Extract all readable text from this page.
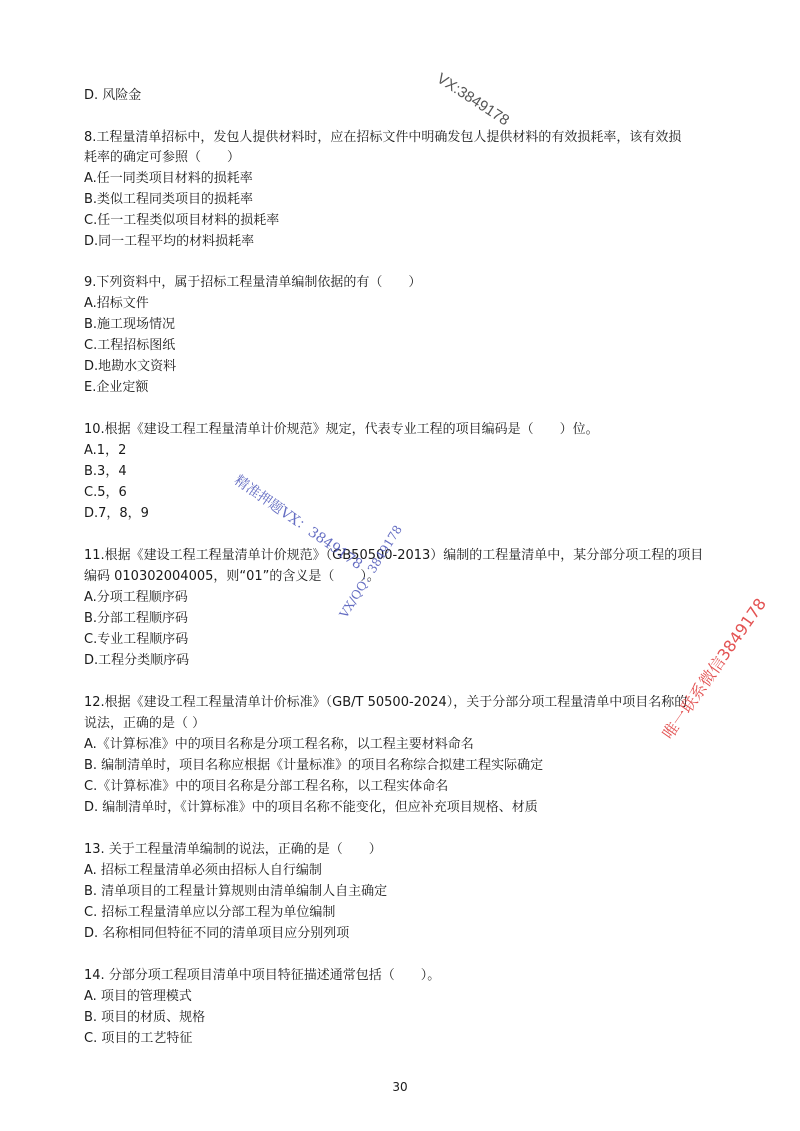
D. 风险金
8.工程量清单招标中，发包人提供材料时，应在招标文件中明确发包人提供材料的有效损耗率，该有效损
耗率的确定可参照（　　）
A.任一同类项目材料的损耗率
B.类似工程同类项目的损耗率
C.任一工程类似项目材料的损耗率
D.同一工程平均的材料损耗率
9.下列资料中，属于招标工程量清单编制依据的有（　　）
A.招标文件
B.施工现场情况
C.工程招标图纸
D.地勘水文资料
E.企业定额
10.根据《建设工程工程量清单计价规范》规定，代表专业工程的项目编码是（　　）位。
A.1，2
B.3，4
C.5，6
D.7，8，9
11.根据《建设工程工程量清单计价规范》（GB50500-2013）编制的工程量清单中，某分部分项工程的项目
编码 010302004005，则“01”的含义是（　　）。
A.分项工程顺序码
B.分部工程顺序码
C.专业工程顺序码
D.工程分类顺序码
12.根据《建设工程工程量清单计价标准》（GB/T 50500-2024），关于分部分项工程量清单中项目名称的
说法，正确的是（ ）
A.《计算标准》中的项目名称是分项工程名称，以工程主要材料命名
B. 编制清单时，项目名称应根据《计量标准》的项目名称综合拟建工程实际确定
C.《计算标准》中的项目名称是分部工程名称，以工程实体命名
D. 编制清单时，《计算标准》中的项目名称不能变化，但应补充项目规格、材质
13. 关于工程量清单编制的说法，正确的是（　　）
A. 招标工程量清单必须由招标人自行编制
B. 清单项目的工程量计算规则由清单编制人自主确定
C. 招标工程量清单应以分部工程为单位编制
D. 名称相同但特征不同的清单项目应分别列项
14. 分部分项工程项目清单中项目特征描述通常包括（　　）。
A. 项目的管理模式
B. 项目的材质、规格
C. 项目的工艺特征
30
VX:3849178
精准押题VX：3849178
VX/QQ：3849178
唯一联系微信3849178
